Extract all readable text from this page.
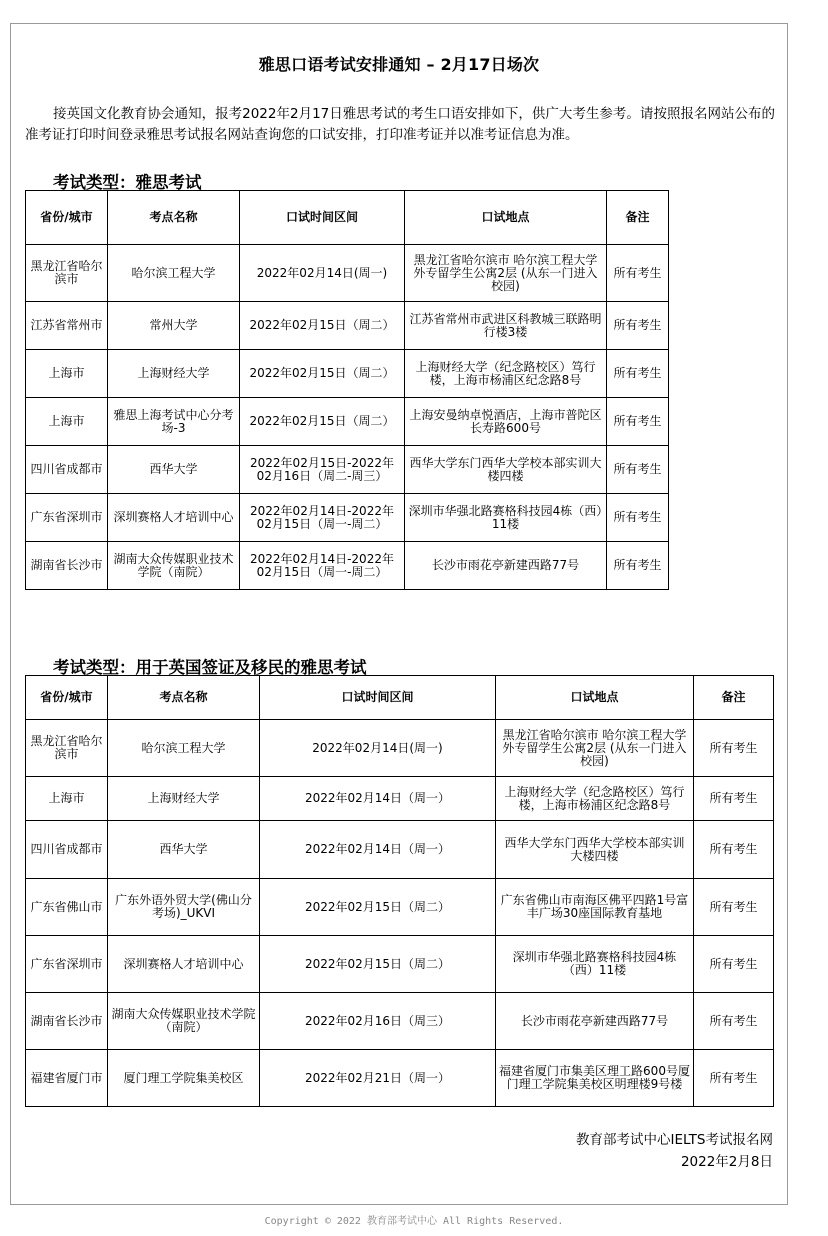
雅思口语考试安排通知 – 2月17日场次
接英国文化教育协会通知，报考2022年2月17日雅思考试的考生口语安排如下，供广大考生参考。请按照报名网站公布的准考证打印时间登录雅思考试报名网站查询您的口试安排，打印准考证并以准考证信息为准。
考试类型：雅思考试
省份/城市	考点名称	口试时间区间	口试地点	备注
黑龙江省哈尔滨市	哈尔滨工程大学	2022年02月14日(周一)	黑龙江省哈尔滨市 哈尔滨工程大学外专留学生公寓2层 (从东一门进入校园)	所有考生
江苏省常州市	常州大学	2022年02月15日（周二）	江苏省常州市武进区科教城三联路明行楼3楼	所有考生
上海市	上海财经大学	2022年02月15日（周二）	上海财经大学（纪念路校区）笃行楼，上海市杨浦区纪念路8号	所有考生
上海市	雅思上海考试中心分考场-3	2022年02月15日（周二）	上海安曼纳卓悦酒店，上海市普陀区长寿路600号	所有考生
四川省成都市	西华大学	2022年02月15日-2022年02月16日（周二-周三）	西华大学东门西华大学校本部实训大楼四楼	所有考生
广东省深圳市	深圳赛格人才培训中心	2022年02月14日-2022年02月15日（周一-周二）	深圳市华强北路赛格科技园4栋（西）11楼	所有考生
湖南省长沙市	湖南大众传媒职业技术学院（南院）	2022年02月14日-2022年02月15日（周一-周二）	长沙市雨花亭新建西路77号	所有考生
考试类型：用于英国签证及移民的雅思考试
省份/城市	考点名称	口试时间区间	口试地点	备注
黑龙江省哈尔滨市	哈尔滨工程大学	2022年02月14日(周一)	黑龙江省哈尔滨市 哈尔滨工程大学外专留学生公寓2层 (从东一门进入校园)	所有考生
上海市	上海财经大学	2022年02月14日（周一）	上海财经大学（纪念路校区）笃行楼，上海市杨浦区纪念路8号	所有考生
四川省成都市	西华大学	2022年02月14日（周一）	西华大学东门西华大学校本部实训大楼四楼	所有考生
广东省佛山市	广东外语外贸大学(佛山分考场)_UKVI	2022年02月15日（周二）	广东省佛山市南海区佛平四路1号富丰广场30座国际教育基地	所有考生
广东省深圳市	深圳赛格人才培训中心	2022年02月15日（周二）	深圳市华强北路赛格科技园4栋（西）11楼	所有考生
湖南省长沙市	湖南大众传媒职业技术学院（南院）	2022年02月16日（周三）	长沙市雨花亭新建西路77号	所有考生
福建省厦门市	厦门理工学院集美校区	2022年02月21日（周一）	福建省厦门市集美区理工路600号厦门理工学院集美校区明理楼9号楼	所有考生
教育部考试中心IELTS考试报名网
2022年2月8日
Copyright © 2022 教育部考试中心 All Rights Reserved.
